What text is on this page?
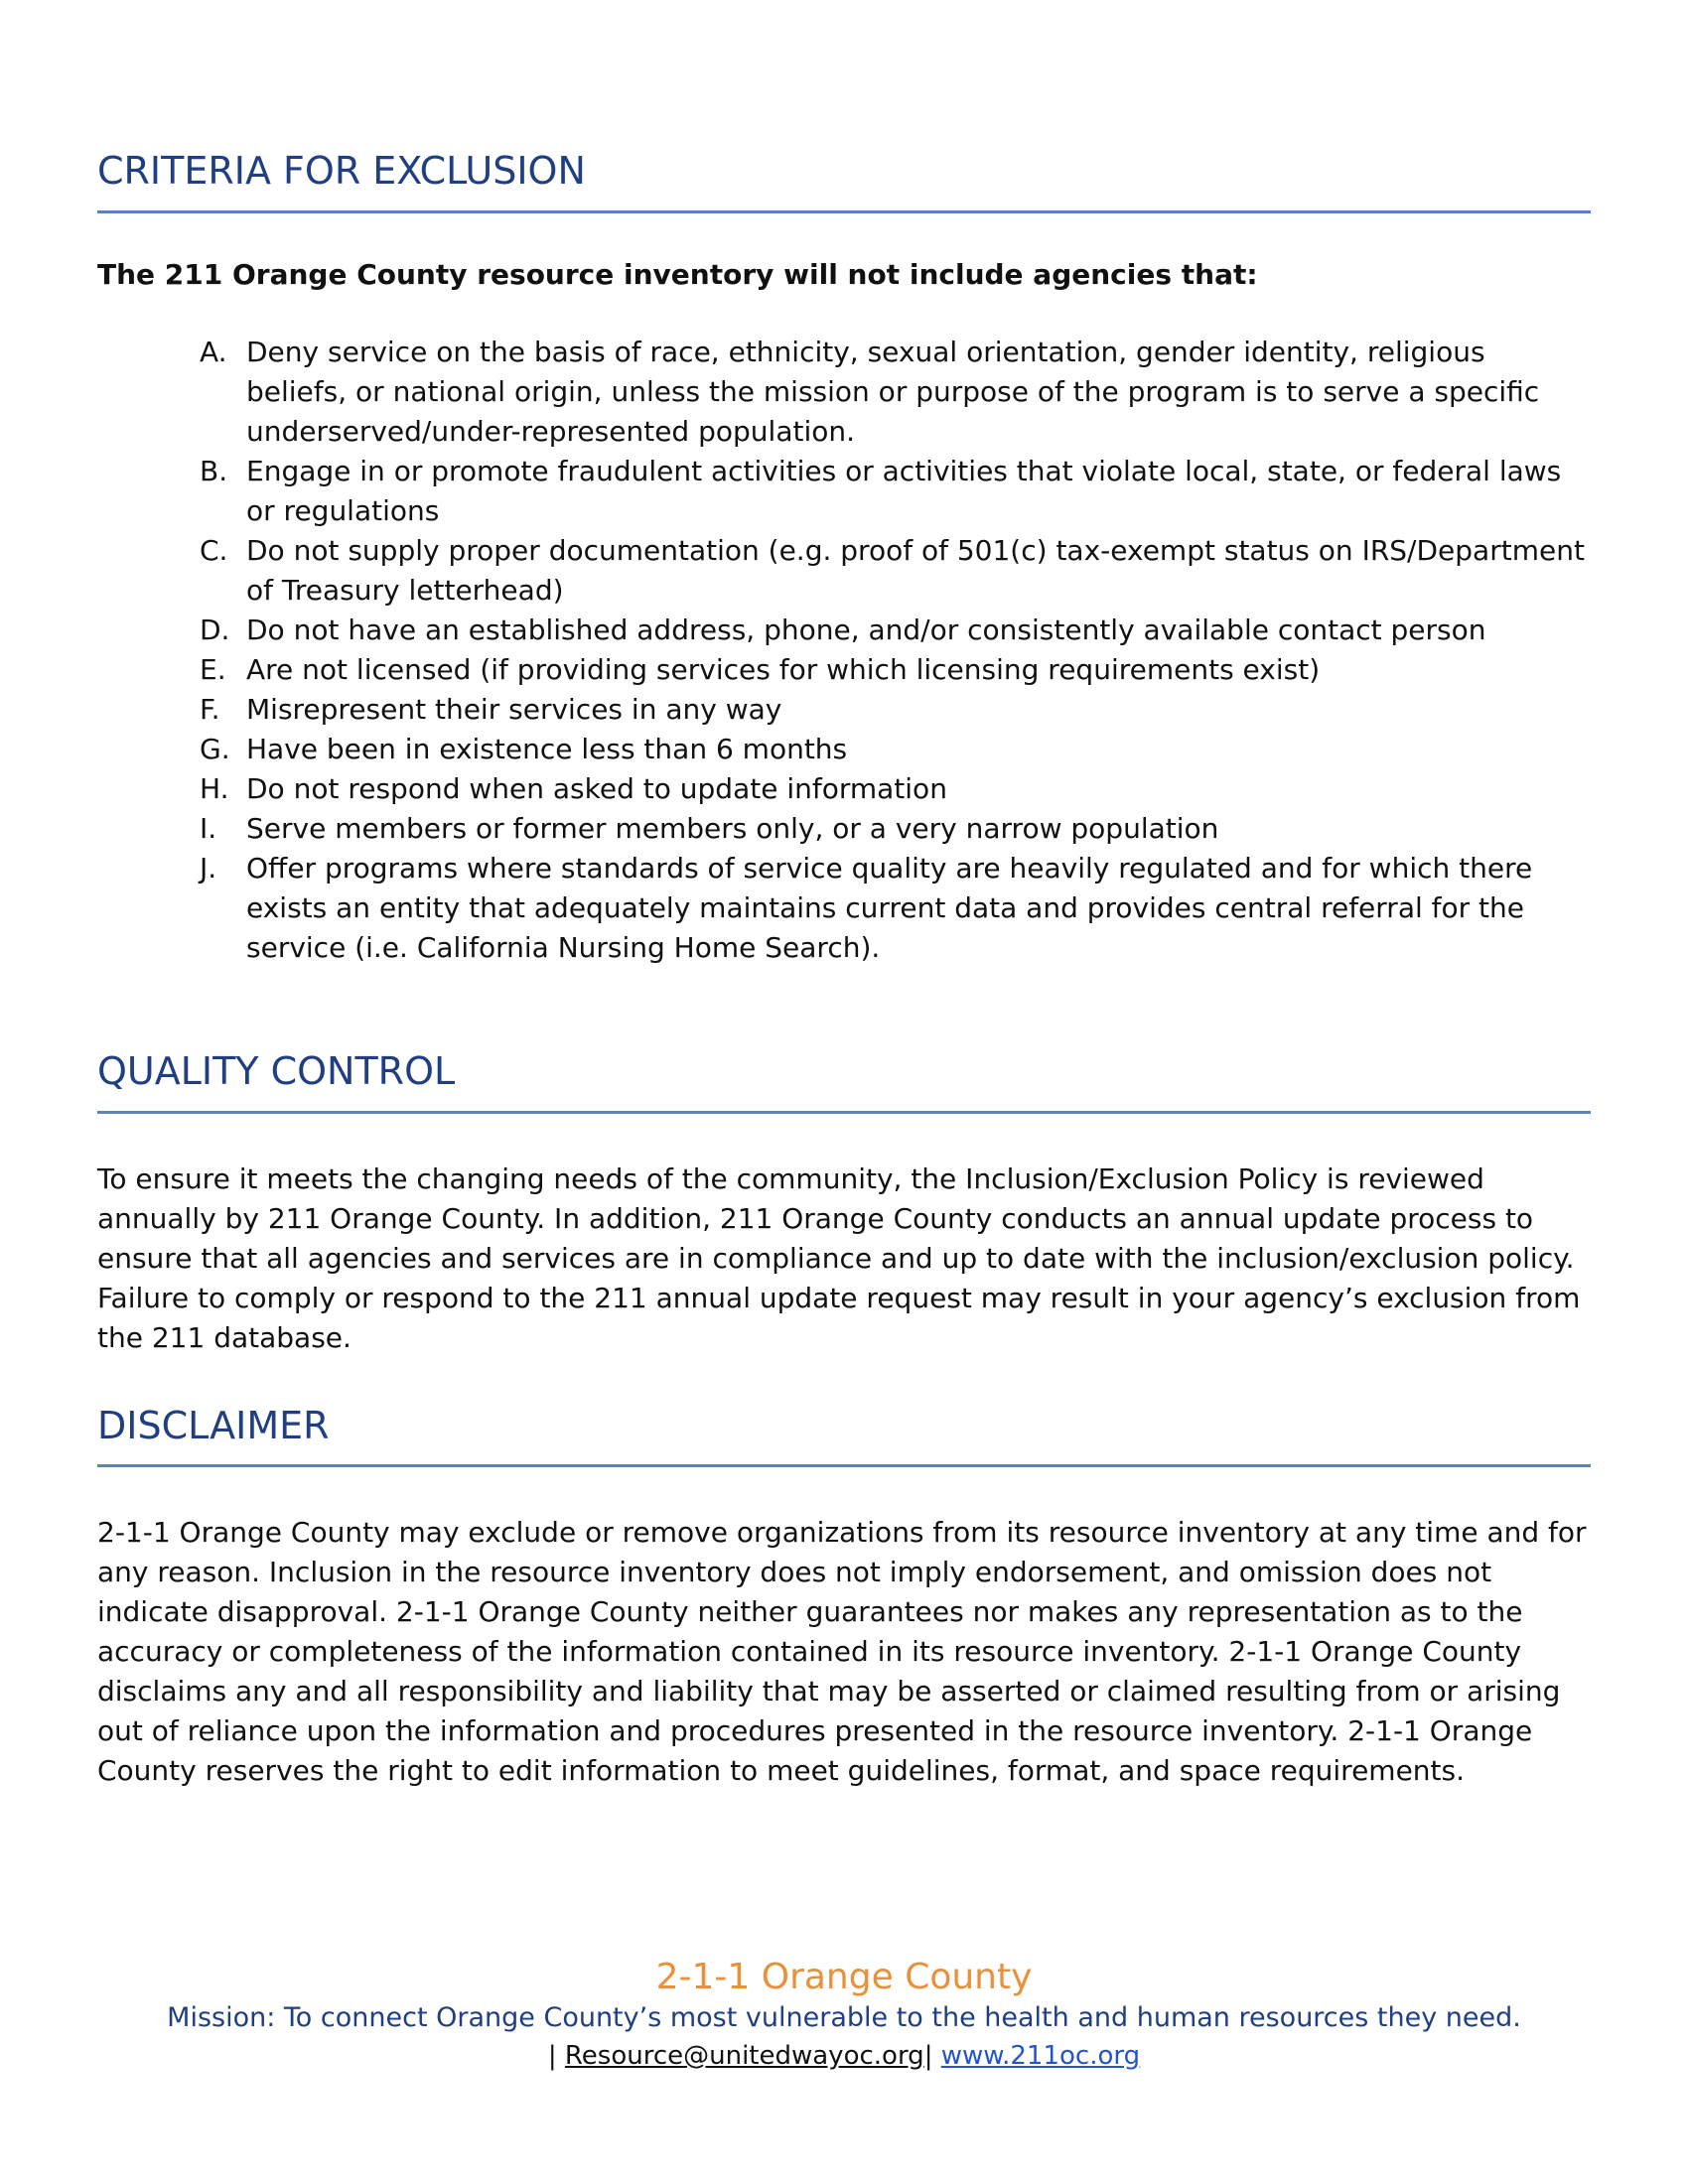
CRITERIA FOR EXCLUSION

The 211 Orange County resource inventory will not include agencies that:

A. Deny service on the basis of race, ethnicity, sexual orientation, gender identity, religious beliefs, or national origin, unless the mission or purpose of the program is to serve a specific underserved/under-represented population.
B. Engage in or promote fraudulent activities or activities that violate local, state, or federal laws or regulations
C. Do not supply proper documentation (e.g. proof of 501(c) tax-exempt status on IRS/Department of Treasury letterhead)
D. Do not have an established address, phone, and/or consistently available contact person
E. Are not licensed (if providing services for which licensing requirements exist)
F. Misrepresent their services in any way
G. Have been in existence less than 6 months
H. Do not respond when asked to update information
I. Serve members or former members only, or a very narrow population
J. Offer programs where standards of service quality are heavily regulated and for which there exists an entity that adequately maintains current data and provides central referral for the service (i.e. California Nursing Home Search).
QUALITY CONTROL

To ensure it meets the changing needs of the community, the Inclusion/Exclusion Policy is reviewed annually by 211 Orange County. In addition, 211 Orange County conducts an annual update process to ensure that all agencies and services are in compliance and up to date with the inclusion/exclusion policy. Failure to comply or respond to the 211 annual update request may result in your agency’s exclusion from the 211 database.

DISCLAIMER

2-1-1 Orange County may exclude or remove organizations from its resource inventory at any time and for any reason. Inclusion in the resource inventory does not imply endorsement, and omission does not indicate disapproval. 2-1-1 Orange County neither guarantees nor makes any representation as to the accuracy or completeness of the information contained in its resource inventory. 2-1-1 Orange County disclaims any and all responsibility and liability that may be asserted or claimed resulting from or arising out of reliance upon the information and procedures presented in the resource inventory. 2-1-1 Orange County reserves the right to edit information to meet guidelines, format, and space requirements.

2-1-1 Orange County
Mission: To connect Orange County’s most vulnerable to the health and human resources they need.
| Resource@unitedwayoc.org| www.211oc.org
